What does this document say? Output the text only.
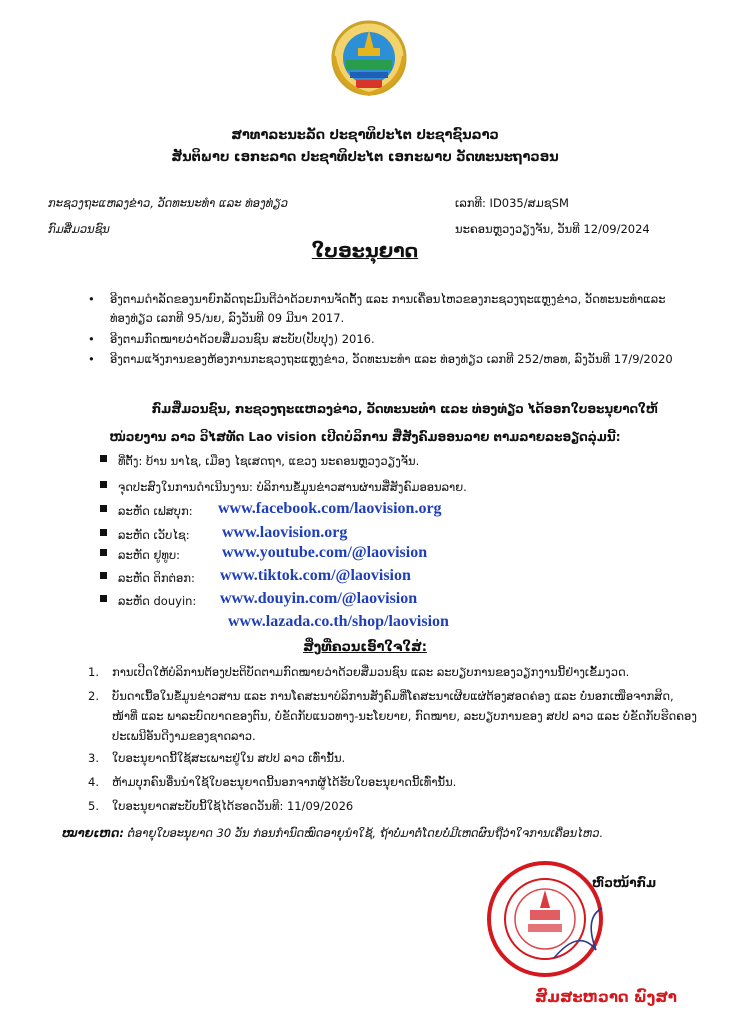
ສາທາລະນະລັດ ປະຊາທິປະໄຕ ປະຊາຊົນລາວ
ສັນຕິພາບ ເອກະລາດ ປະຊາທິປະໄຕ ເອກະພາບ ວັດທະນະຖາວອນ
ກະຊວງຖະແຫລງຂ່າວ, ວັດທະນະທຳ ແລະ ທ່ອງທ່ຽວ
ກົມສື່ມວນຊົນ
ເລກທີ: ID035/ສມຊSM
ນະຄອນຫຼວງວຽງຈັນ, ວັນທີ 12/09/2024
ໃບອະນຸຍາດ
• ອີງຕາມດຳລັດຂອງນາຍົກລັດຖະມົນຕີວ່າດ້ວຍການຈັດຕັ້ງ ແລະ ການເຄື່ອນໄຫວຂອງກະຊວງຖະແຫຼງຂ່າວ, ວັດທະນະທຳແລະທ່ອງທ່ຽວ ເລກທີ 95/ນຍ, ລົງວັນທີ 09 ມີນາ 2017.
• ອີງຕາມກົດໝາຍວ່າດ້ວຍສື່ມວນຊົນ ສະບັບ(ປັບປຸງ) 2016.
• ອີງຕາມແຈ້ງການຂອງຫ້ອງການກະຊວງຖະແຫຼງຂ່າວ, ວັດທະນະທຳ ແລະ ທ່ອງທ່ຽວ ເລກທີ 252/ຫອທ, ລົງວັນທີ 17/9/2020
ກົມສື່ມວນຊົນ, ກະຊວງຖະແຫລງຂ່າວ, ວັດທະນະທຳ ແລະ ທ່ອງທ່ຽວ ໄດ້ອອກໃບອະນຸຍາດໃຫ້
ໜ່ວຍງານ ລາວ ວິໄສທັດ Lao vision ເປີດບໍລິການ ສື່ສັງຄົມອອນລາຍ ຕາມລາຍລະອຽດລຸ່ມນີ້:
ທີ່ຕັ້ງ: ບ້ານ ນາໄຊ, ເມືອງ ໄຊເສດຖາ, ແຂວງ ນະຄອນຫຼວງວຽງຈັນ.
ຈຸດປະສົງໃນການດຳເນີນງານ: ບໍລິການຂໍ້ມູນຂ່າວສານຜ່ານສື່ສັງຄົມອອນລາຍ.
ລະຫັດ ເຟສບຸກ: www.facebook.com/laovision.org
ລະຫັດ ເວັບໄຊ: www.laovision.org
ລະຫັດ ຢູທູບ:	www.youtube.com/@laovision
ລະຫັດ ຕິກຕ່ອກ: www.tiktok.com/@laovision
ລະຫັດ douyin: www.douyin.com/@laovision
www.lazada.co.th/shop/laovision
ສິ່ງທີ່ຄວນເອົາໃຈໃສ່:
1. ການເປີດໃຫ້ບໍລິການຕ້ອງປະຕິບັດຕາມກົດໝາຍວ່າດ້ວຍສື່ມວນຊົນ ແລະ ລະບຽບການຂອງວຽກງານນີ້ຢ່າງເຂັ້ມງວດ.
2. ບັນດາເນື້ອໃນຂໍ້ມູນຂ່າວສານ ແລະ ການໂຄສະນາບໍລິການສັງຄົມທີ່ໂຄສະນາເຜີຍແຜ່ຕ້ອງສອດຄ່ອງ ແລະ ບໍ່ນອກເໜືອຈາກສິດ, ໜ້າທີ່ ແລະ ພາລະບົດບາດຂອງຕົນ, ບໍ່ຂັດກັບແນວທາງ-ນະໂຍບາຍ, ກົດໝາຍ, ລະບຽບການຂອງ ສປປ ລາວ ແລະ ບໍ່ຂັດກັບຮີດຄອງປະເພນີອັນດີງາມຂອງຊາດລາວ.
3. ໃບອະນຸຍາດນີ້ໃຊ້ສະເພາະຢູ່ໃນ ສປປ ລາວ ເທົ່ານັ້ນ.
4. ຫ້າມບຸກຄົນອື່ນນຳໃຊ້ໃບອະນຸຍາດນີ້ນອກຈາກຜູ້ໄດ້ຮັບໃບອະນຸຍາດນີ້ເທົ່ານັ້ນ.
5. ໃບອະນຸຍາດສະບັບນີ້ໃຊ້ໄດ້ຮອດວັນທີ: 11/09/2026
ໝາຍເຫດ: ຕໍ່ອາຍຸໃບອະນຸຍາດ 30 ວັນ ກ່ອນກຳນົດໝົດອາຍຸນຳໃຊ້, ຖ້າບໍ່ມາຕໍ່ໂດຍບໍ່ມີເຫດຜົນຖືວ່າໃຈການເຄື່ອນໄຫວ.
ຫົວໜ້າກົມ
ສົມສະຫວາດ ພົງສາ
